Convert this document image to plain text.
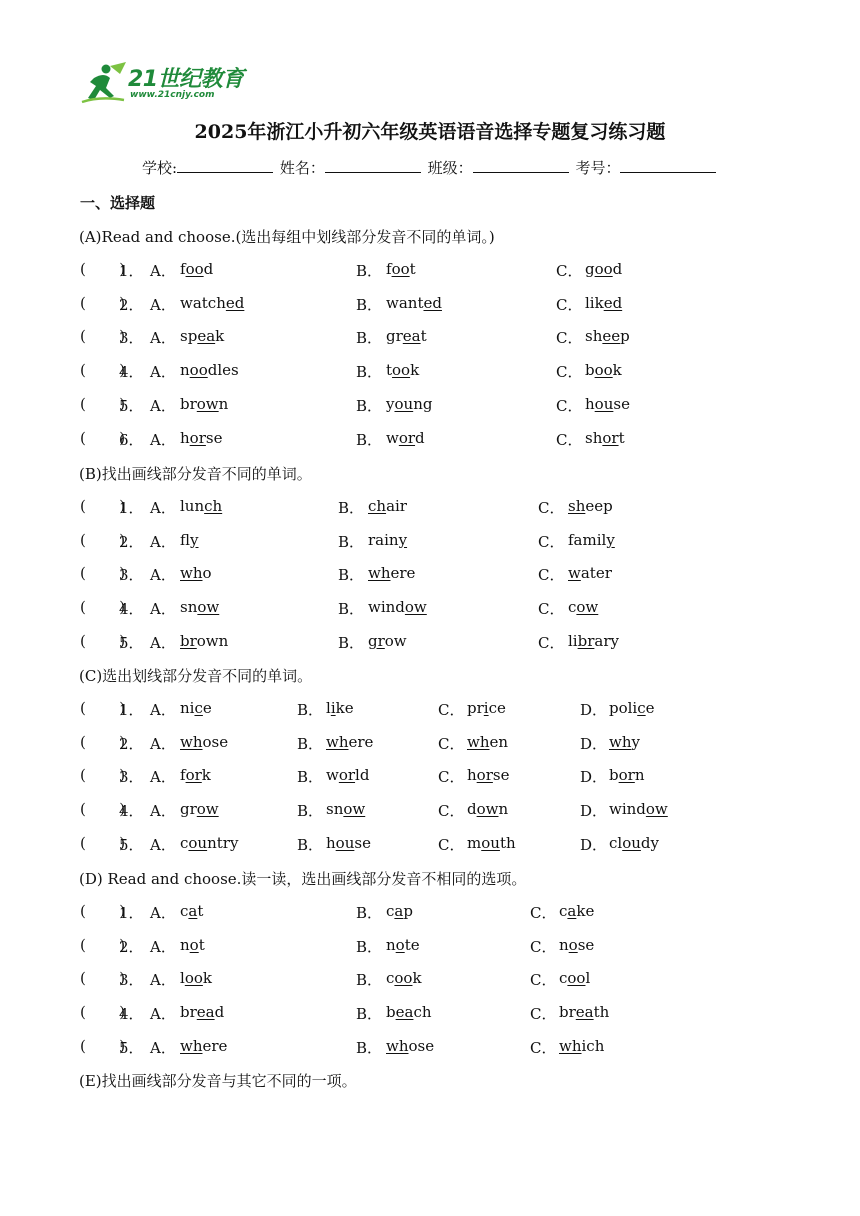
21世纪教育
www.21cnjy.com
2025年浙江小升初六年级英语语音选择专题复习练习题
学校:	姓名：	班级：	考号：
一、选择题
(A)Read and choose.(选出每组中划线部分发音不同的单词。)
(       )
1． A． food	B． foot	C． good
(       )
2． A． watched	B． wanted	C． liked
(       )
3． A． speak	B． great	C． sheep
(       )
4． A． noodles	B． took	C． book
(       )
5． A． brown	B． young	C． house
(       )
6． A． horse	B． word	C． short
(B)找出画线部分发音不同的单词。
(       )
1． A． lunch	B． chair	C． sheep
(       )
2． A． fly	B． rainy	C． family
(       )
3． A． who	B． where	C． water
(       )
4． A． snow	B． window	C． cow
(       )
5． A． brown	B． grow	C． library
(C)选出划线部分发音不同的单词。
(       )
1． A． nice	B． like	C． price	D． police
(       )
2． A． whose	B． where	C． when	D． why
(       )
3． A． fork	B． world	C． horse	D． born
(       )
4． A． grow	B． snow	C． down	D． window
(       )
5． A． country	B． house	C． mouth	D． cloudy
(D) Read and choose.读一读，选出画线部分发音不相同的选项。
(       )
1． A． cat	B． cap	C． cake
(       )
2． A． not	B． note	C． nose
(       )
3． A． look	B． cook	C． cool
(       )
4． A． bread	B． beach	C． breath
(       )
5． A． where	B． whose	C． which
(E)找出画线部分发音与其它不同的一项。
